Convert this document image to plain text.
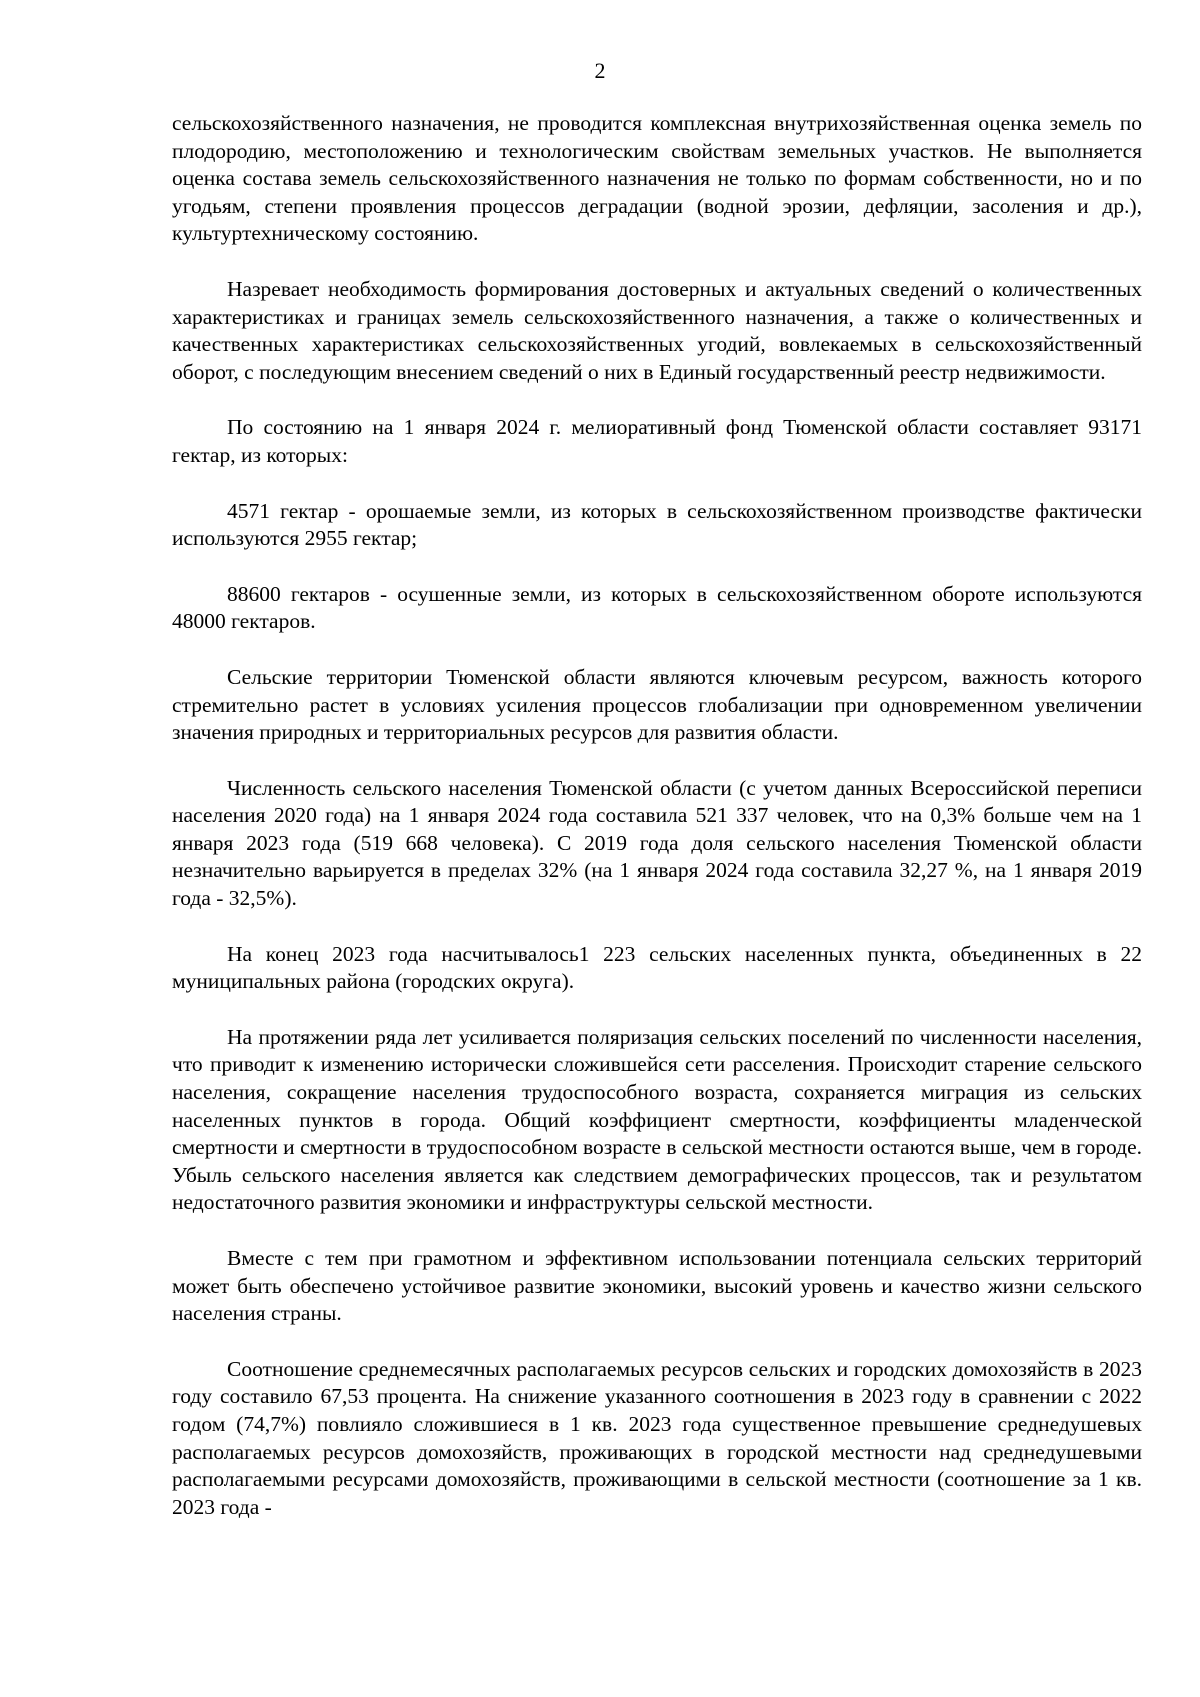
2

сельскохозяйственного назначения, не проводится комплексная внутрихозяйственная оценка земель по плодородию, местоположению и технологическим свойствам земельных участков. Не выполняется оценка состава земель сельскохозяйственного назначения не только по формам собственности, но и по угодьям, степени проявления процессов деградации (водной эрозии, дефляции, засоления и др.), культуртехническому состоянию.

Назревает необходимость формирования достоверных и актуальных сведений о количественных характеристиках и границах земель сельскохозяйственного назначения, а также о количественных и качественных характеристиках сельскохозяйственных угодий, вовлекаемых в сельскохозяйственный оборот, с последующим внесением сведений о них в Единый государственный реестр недвижимости.

По состоянию на 1 января 2024 г. мелиоративный фонд Тюменской области составляет 93171 гектар, из которых:

4571 гектар - орошаемые земли, из которых в сельскохозяйственном производстве фактически используются 2955 гектар;

88600 гектаров - осушенные земли, из которых в сельскохозяйственном обороте используются 48000 гектаров.

Сельские территории Тюменской области являются ключевым ресурсом, важность которого стремительно растет в условиях усиления процессов глобализации при одновременном увеличении значения природных и территориальных ресурсов для развития области.

Численность сельского населения Тюменской области (с учетом данных Всероссийской переписи населения 2020 года) на 1 января 2024 года составила 521 337 человек, что на 0,3% больше чем на 1 января 2023 года (519 668 человека). С 2019 года доля сельского населения Тюменской области незначительно варьируется в пределах 32% (на 1 января 2024 года составила 32,27 %, на 1 января 2019 года - 32,5%).

На конец 2023 года насчитывалось1 223 сельских населенных пункта, объединенных в 22 муниципальных района (городских округа).

На протяжении ряда лет усиливается поляризация сельских поселений по численности населения, что приводит к изменению исторически сложившейся сети расселения. Происходит старение сельского населения, сокращение населения трудоспособного возраста, сохраняется миграция из сельских населенных пунктов в города. Общий коэффициент смертности, коэффициенты младенческой смертности и смертности в трудоспособном возрасте в сельской местности остаются выше, чем в городе. Убыль сельского населения является как следствием демографических процессов, так и результатом недостаточного развития экономики и инфраструктуры сельской местности.

Вместе с тем при грамотном и эффективном использовании потенциала сельских территорий может быть обеспечено устойчивое развитие экономики, высокий уровень и качество жизни сельского населения страны.

Соотношение среднемесячных располагаемых ресурсов сельских и городских домохозяйств в 2023 году составило 67,53 процента. На снижение указанного соотношения в 2023 году в сравнении с 2022 годом (74,7%) повлияло сложившиеся в 1 кв. 2023 года существенное превышение среднедушевых располагаемых ресурсов домохозяйств, проживающих в городской местности над среднедушевыми располагаемыми ресурсами домохозяйств, проживающими в сельской местности (соотношение за 1 кв. 2023 года -
